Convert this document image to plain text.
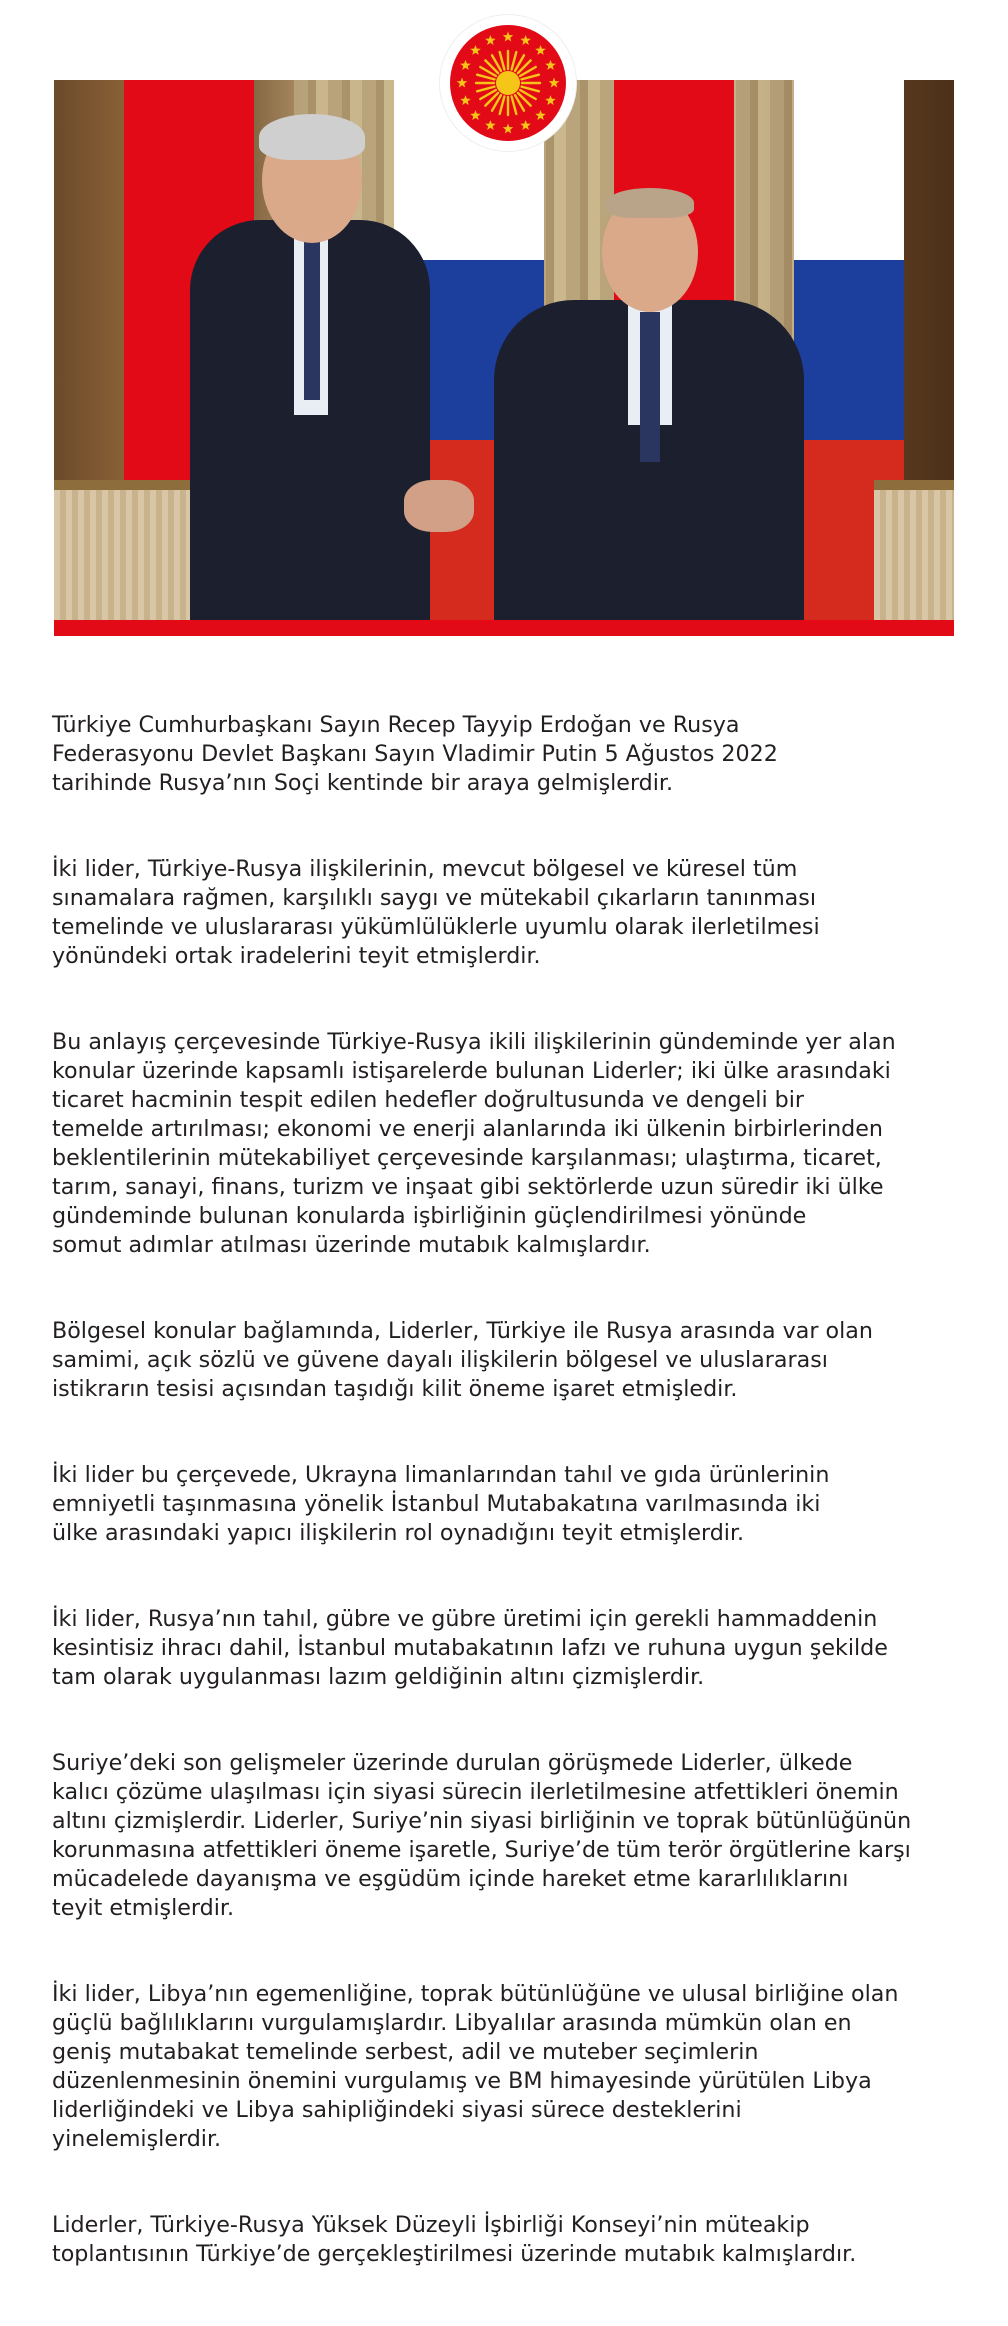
Türkiye Cumhurbaşkanı Sayın Recep Tayyip Erdoğan ve Rusya
Federasyonu Devlet Başkanı Sayın Vladimir Putin 5 Ağustos 2022
tarihinde Rusya’nın Soçi kentinde bir araya gelmişlerdir.

İki lider, Türkiye-Rusya ilişkilerinin, mevcut bölgesel ve küresel tüm
sınamalara rağmen, karşılıklı saygı ve mütekabil çıkarların tanınması
temelinde ve uluslararası yükümlülüklerle uyumlu olarak ilerletilmesi
yönündeki ortak iradelerini teyit etmişlerdir.

Bu anlayış çerçevesinde Türkiye-Rusya ikili ilişkilerinin gündeminde yer alan
konular üzerinde kapsamlı istişarelerde bulunan Liderler; iki ülke arasındaki
ticaret hacminin tespit edilen hedefler doğrultusunda ve dengeli bir
temelde artırılması; ekonomi ve enerji alanlarında iki ülkenin birbirlerinden
beklentilerinin mütekabiliyet çerçevesinde karşılanması; ulaştırma, ticaret,
tarım, sanayi, finans, turizm ve inşaat gibi sektörlerde uzun süredir iki ülke
gündeminde bulunan konularda işbirliğinin güçlendirilmesi yönünde
somut adımlar atılması üzerinde mutabık kalmışlardır.

Bölgesel konular bağlamında, Liderler, Türkiye ile Rusya arasında var olan
samimi, açık sözlü ve güvene dayalı ilişkilerin bölgesel ve uluslararası
istikrarın tesisi açısından taşıdığı kilit öneme işaret etmişledir.

İki lider bu çerçevede, Ukrayna limanlarından tahıl ve gıda ürünlerinin
emniyetli taşınmasına yönelik İstanbul Mutabakatına varılmasında iki
ülke arasındaki yapıcı ilişkilerin rol oynadığını teyit etmişlerdir.

İki lider, Rusya’nın tahıl, gübre ve gübre üretimi için gerekli hammaddenin
kesintisiz ihracı dahil, İstanbul mutabakatının lafzı ve ruhuna uygun şekilde
tam olarak uygulanması lazım geldiğinin altını çizmişlerdir.

Suriye’deki son gelişmeler üzerinde durulan görüşmede Liderler, ülkede
kalıcı çözüme ulaşılması için siyasi sürecin ilerletilmesine atfettikleri önemin
altını çizmişlerdir. Liderler, Suriye’nin siyasi birliğinin ve toprak bütünlüğünün
korunmasına atfettikleri öneme işaretle, Suriye’de tüm terör örgütlerine karşı
mücadelede dayanışma ve eşgüdüm içinde hareket etme kararlılıklarını
teyit etmişlerdir.

İki lider, Libya’nın egemenliğine, toprak bütünlüğüne ve ulusal birliğine olan
güçlü bağlılıklarını vurgulamışlardır. Libyalılar arasında mümkün olan en
geniş mutabakat temelinde serbest, adil ve muteber seçimlerin
düzenlenmesinin önemini vurgulamış ve BM himayesinde yürütülen Libya
liderliğindeki ve Libya sahipliğindeki siyasi sürece desteklerini
yinelemişlerdir.

Liderler, Türkiye-Rusya Yüksek Düzeyli İşbirliği Konseyi’nin müteakip
toplantısının Türkiye’de gerçekleştirilmesi üzerinde mutabık kalmışlardır.
